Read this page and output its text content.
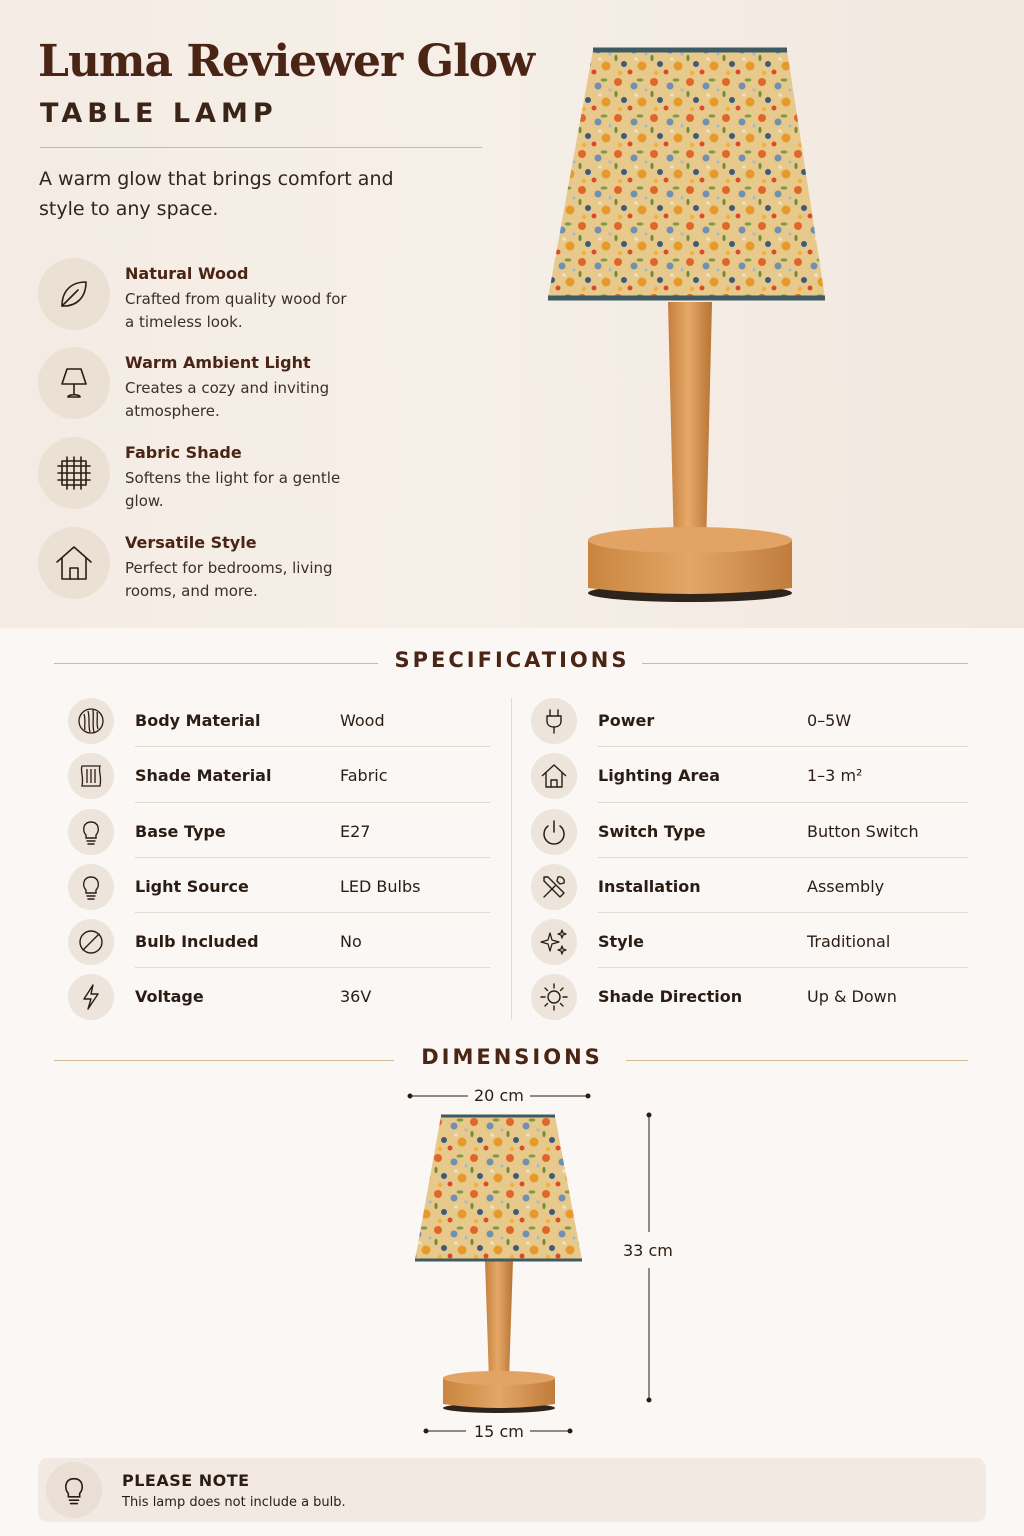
Luma Reviewer Glow
TABLE LAMP
A warm glow that brings comfort and style to any space.
Natural Wood
Crafted from quality wood for a timeless look.
Warm Ambient Light
Creates a cozy and inviting atmosphere.
Fabric Shade
Softens the light for a gentle glow.
Versatile Style
Perfect for bedrooms, living rooms, and more.
SPECIFICATIONS
Body Material	Wood
Shade Material	Fabric
Base Type	E27
Light Source	LED Bulbs
Bulb Included	No
Voltage	36V
Power	0–5W
Lighting Area	1–3 m²
Switch Type	Button Switch
Installation	Assembly
Style	Traditional
Shade Direction	Up & Down
DIMENSIONS
20 cm
33 cm
15 cm
PLEASE NOTE
This lamp does not include a bulb.
